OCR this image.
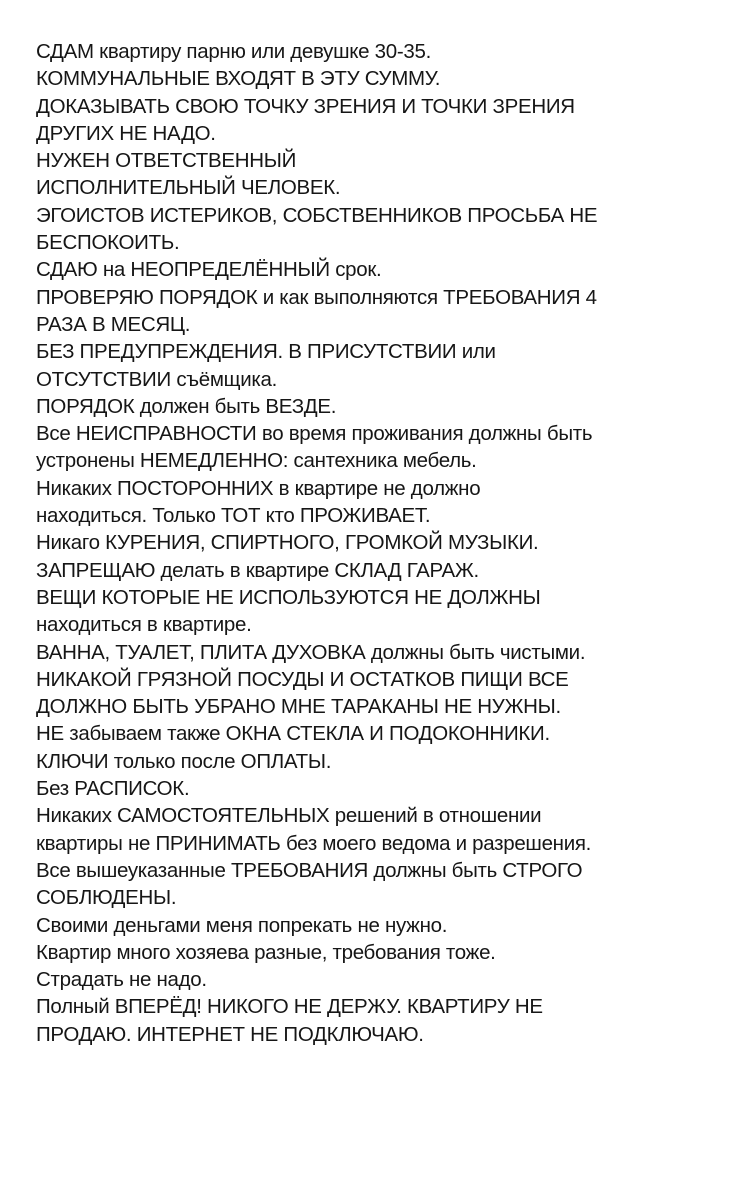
СДАМ квартиру парню или девушке 30-35.
КОММУНАЛЬНЫЕ ВХОДЯТ В ЭТУ СУММУ.
ДОКАЗЫВАТЬ СВОЮ ТОЧКУ ЗРЕНИЯ И ТОЧКИ ЗРЕНИЯ
ДРУГИХ НЕ НАДО.
НУЖЕН ОТВЕТСТВЕННЫЙ
ИСПОЛНИТЕЛЬНЫЙ ЧЕЛОВЕК.
ЭГОИСТОВ ИСТЕРИКОВ, СОБСТВЕННИКОВ ПРОСЬБА НЕ
БЕСПОКОИТЬ.
СДАЮ на НЕОПРЕДЕЛЁННЫЙ срок.
ПРОВЕРЯЮ ПОРЯДОК и как выполняются ТРЕБОВАНИЯ 4
РАЗА В МЕСЯЦ.
БЕЗ ПРЕДУПРЕЖДЕНИЯ. В ПРИСУТСТВИИ или
ОТСУТСТВИИ съёмщика.
ПОРЯДОК должен быть ВЕЗДЕ.
Все НЕИСПРАВНОСТИ во время проживания должны быть
устронены НЕМЕДЛЕННО: сантехника мебель.
Никаких ПОСТОРОННИХ в квартире не должно
находиться. Только ТОТ кто ПРОЖИВАЕТ.
Никаго КУРЕНИЯ, СПИРТНОГО, ГРОМКОЙ МУЗЫКИ.
ЗАПРЕЩАЮ делать в квартире СКЛАД ГАРАЖ.
ВЕЩИ КОТОРЫЕ НЕ ИСПОЛЬЗУЮТСЯ НЕ ДОЛЖНЫ
находиться в квартире.
ВАННА, ТУАЛЕТ, ПЛИТА ДУХОВКА должны быть чистыми.
НИКАКОЙ ГРЯЗНОЙ ПОСУДЫ И ОСТАТКОВ ПИЩИ ВСЕ
ДОЛЖНО БЫТЬ УБРАНО МНЕ ТАРАКАНЫ НЕ НУЖНЫ.
НЕ забываем также ОКНА СТЕКЛА И ПОДОКОННИКИ.
КЛЮЧИ только после ОПЛАТЫ.
Без РАСПИСОК.
Никаких САМОСТОЯТЕЛЬНЫХ решений в отношении
квартиры не ПРИНИМАТЬ без моего ведома и разрешения.
Все вышеуказанные ТРЕБОВАНИЯ должны быть СТРОГО
СОБЛЮДЕНЫ.
Своими деньгами меня попрекать не нужно.
Квартир много хозяева разные, требования тоже.
Страдать не надо.
Полный ВПЕРЁД! НИКОГО НЕ ДЕРЖУ. КВАРТИРУ НЕ
ПРОДАЮ. ИНТЕРНЕТ НЕ ПОДКЛЮЧАЮ.
